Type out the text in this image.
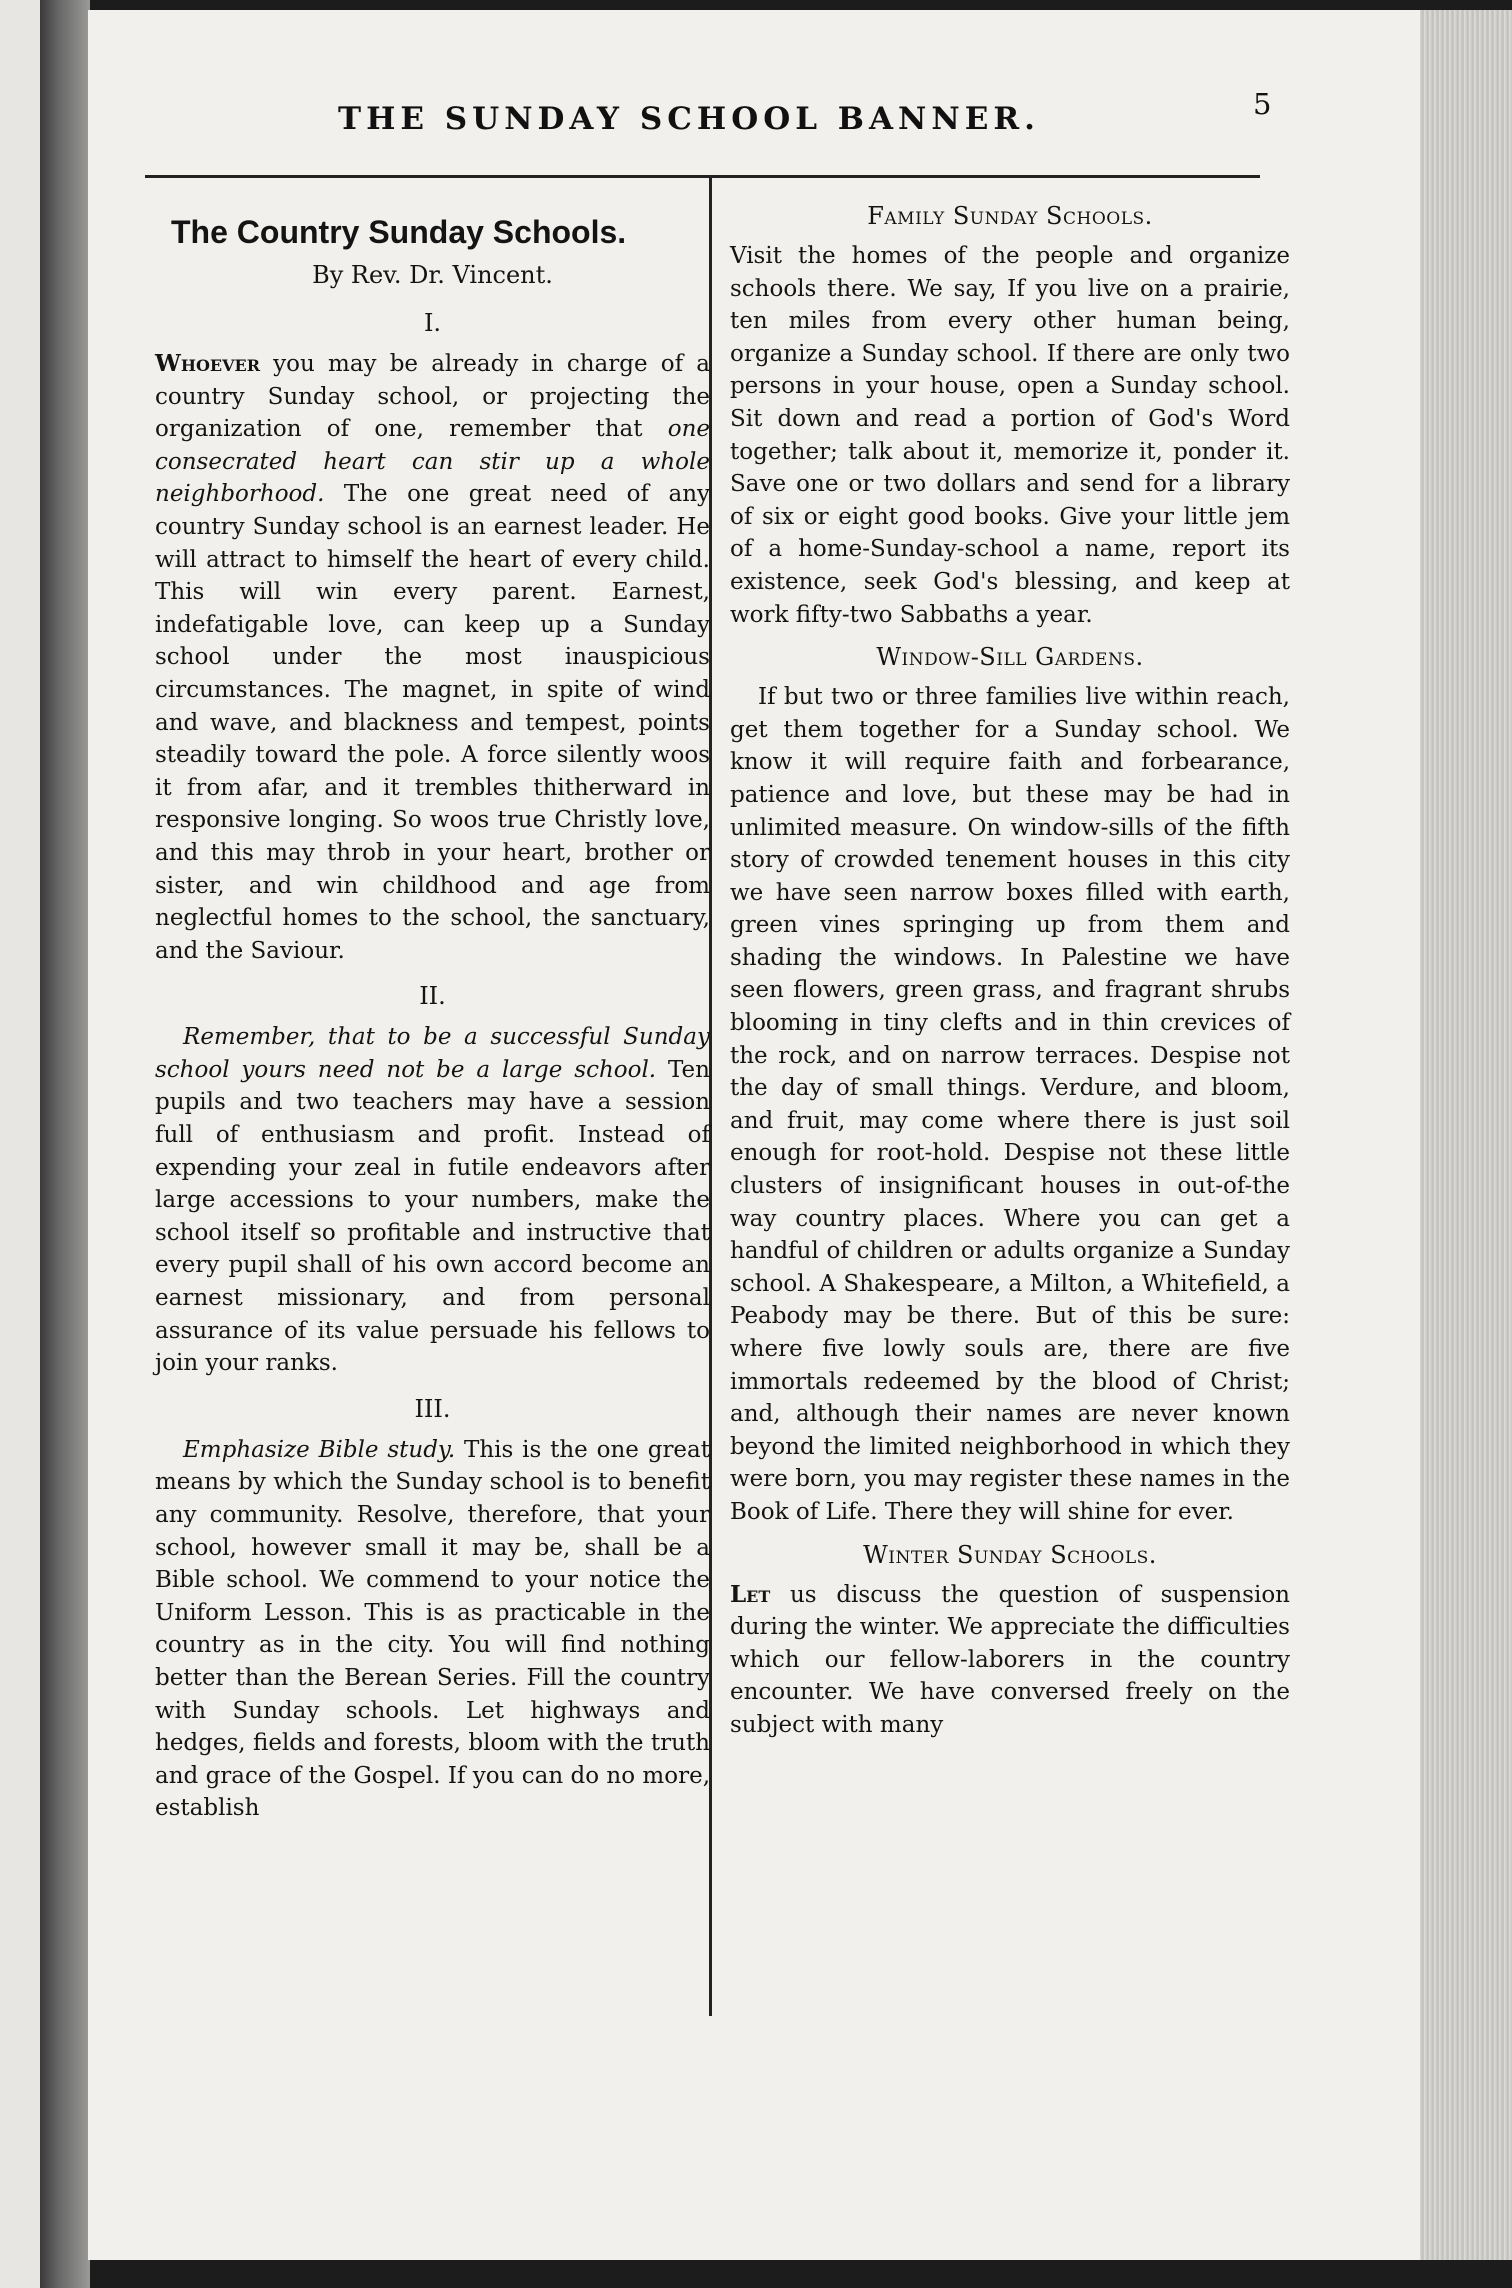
THE SUNDAY SCHOOL BANNER.	5
The Country Sunday Schools.

By Rev. Dr. Vincent.

I.

Whoever you may be already in charge of a country Sunday school, or projecting the organization of one, remember that one consecrated heart can stir up a whole neighborhood. The one great need of any country Sunday school is an earnest leader. He will attract to himself the heart of every child. This will win every parent. Earnest, indefatigable love, can keep up a Sunday school under the most inauspicious circumstances. The magnet, in spite of wind and wave, and blackness and tempest, points steadily toward the pole. A force silently woos it from afar, and it trembles thitherward in responsive longing. So woos true Christly love, and this may throb in your heart, brother or sister, and win childhood and age from neglectful homes to the school, the sanctuary, and the Saviour.

II.

Remember, that to be a successful Sunday school yours need not be a large school. Ten pupils and two teachers may have a session full of enthusiasm and profit. Instead of expending your zeal in futile endeavors after large accessions to your numbers, make the school itself so profitable and instructive that every pupil shall of his own accord become an earnest missionary, and from personal assurance of its value persuade his fellows to join your ranks.

III.

Emphasize Bible study. This is the one great means by which the Sunday school is to benefit any community. Resolve, therefore, that your school, however small it may be, shall be a Bible school. We commend to your notice the Uniform Lesson. This is as practicable in the country as in the city. You will find nothing better than the Berean Series. Fill the country with Sunday schools. Let highways and hedges, fields and forests, bloom with the truth and grace of the Gospel. If you can do no more, establish

Family Sunday Schools.

Visit the homes of the people and organize schools there. We say, If you live on a prairie, ten miles from every other human being, organize a Sunday school. If there are only two persons in your house, open a Sunday school. Sit down and read a portion of God's Word together; talk about it, memorize it, ponder it. Save one or two dollars and send for a library of six or eight good books. Give your little jem of a home-Sunday-school a name, report its existence, seek God's blessing, and keep at work fifty-two Sabbaths a year.

Window-Sill Gardens.

If but two or three families live within reach, get them together for a Sunday school. We know it will require faith and forbearance, patience and love, but these may be had in unlimited measure. On window-sills of the fifth story of crowded tenement houses in this city we have seen narrow boxes filled with earth, green vines springing up from them and shading the windows. In Palestine we have seen flowers, green grass, and fragrant shrubs blooming in tiny clefts and in thin crevices of the rock, and on narrow terraces. Despise not the day of small things. Verdure, and bloom, and fruit, may come where there is just soil enough for root-hold. Despise not these little clusters of insignificant houses in out-of-the way country places. Where you can get a handful of children or adults organize a Sunday school. A Shakespeare, a Milton, a Whitefield, a Peabody may be there. But of this be sure: where five lowly souls are, there are five immortals redeemed by the blood of Christ; and, although their names are never known beyond the limited neighborhood in which they were born, you may register these names in the Book of Life. There they will shine for ever.

Winter Sunday Schools.

Let us discuss the question of suspension during the winter. We appreciate the difficulties which our fellow-laborers in the country encounter. We have conversed freely on the subject with many
